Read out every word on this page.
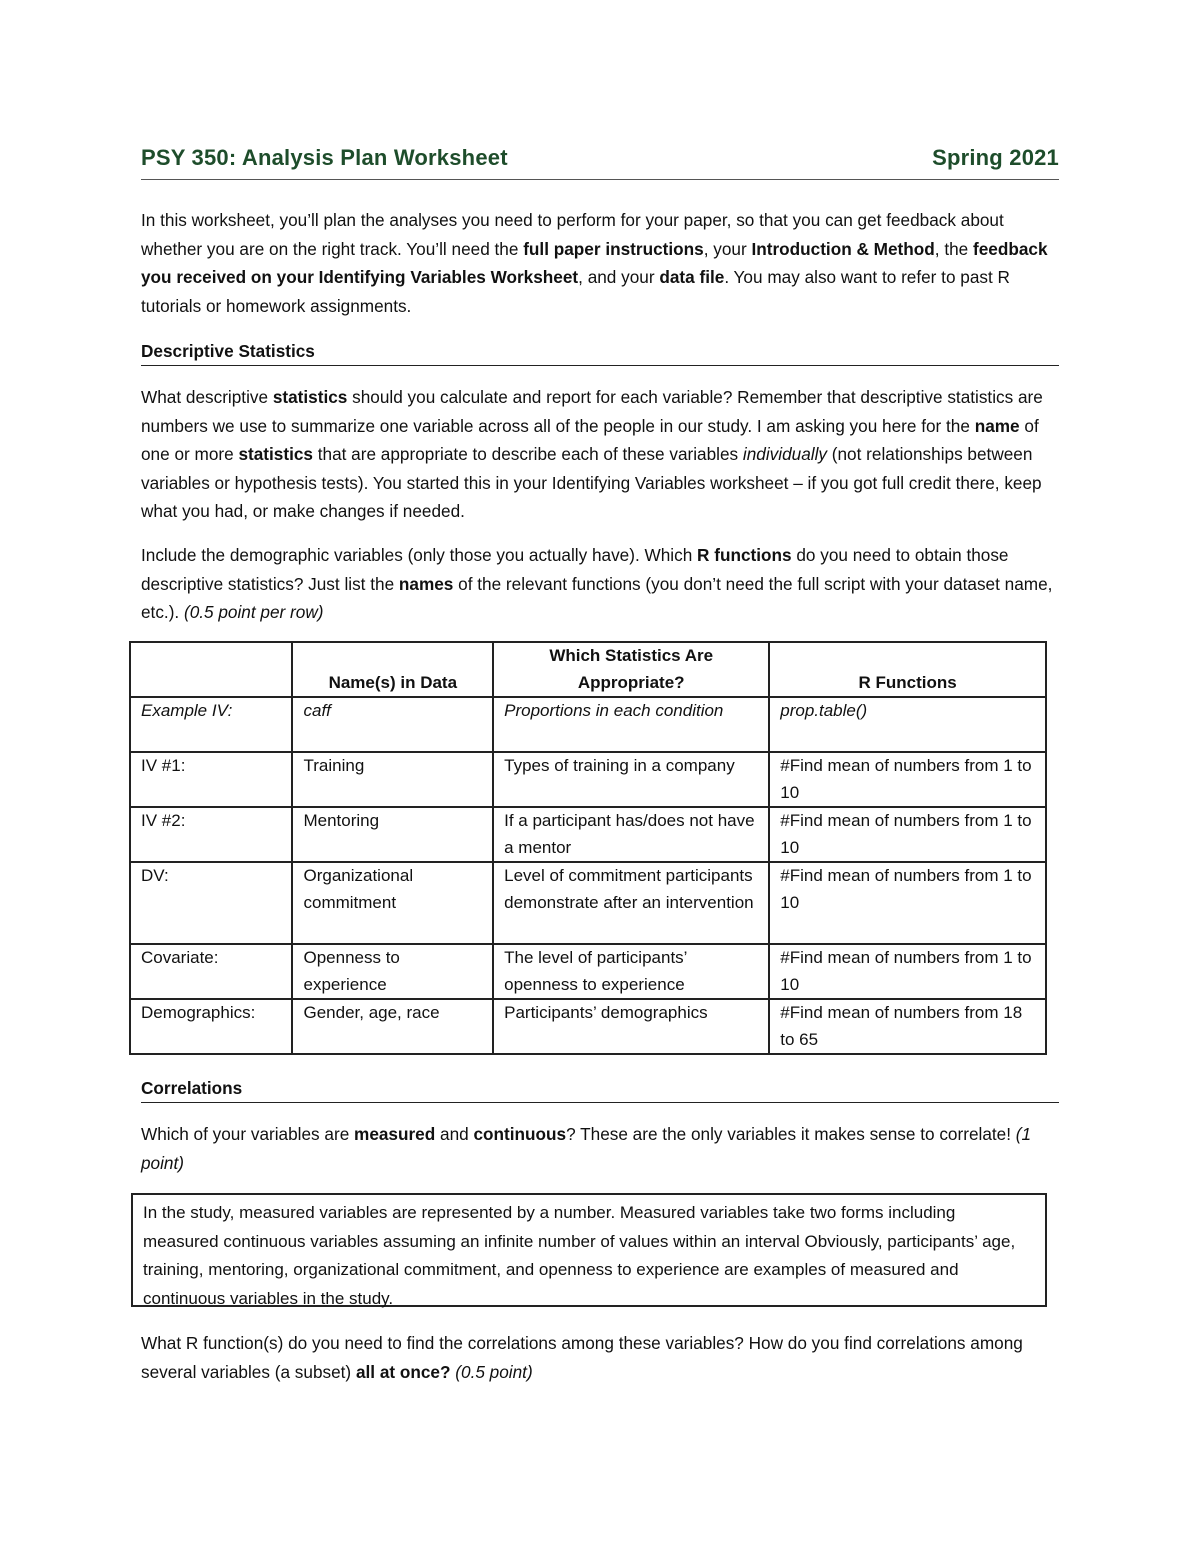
PSY 350: Analysis Plan Worksheet	Spring 2021

In this worksheet, you’ll plan the analyses you need to perform for your paper, so that you can get feedback about whether you are on the right track. You’ll need the full paper instructions, your Introduction & Method, the feedback you received on your Identifying Variables Worksheet, and your data file. You may also want to refer to past R tutorials or homework assignments.

Descriptive Statistics

What descriptive statistics should you calculate and report for each variable? Remember that descriptive statistics are numbers we use to summarize one variable across all of the people in our study. I am asking you here for the name of one or more statistics that are appropriate to describe each of these variables individually (not relationships between variables or hypothesis tests). You started this in your Identifying Variables worksheet – if you got full credit there, keep what you had, or make changes if needed.

Include the demographic variables (only those you actually have). Which R functions do you need to obtain those descriptive statistics? Just list the names of the relevant functions (you don’t need the full script with your dataset name, etc.). (0.5 point per row)

	Name(s) in Data	Which Statistics Are Appropriate?	R Functions
Example IV:	caff	Proportions in each condition	prop.table()
IV #1:	Training	Types of training in a company	#Find mean of numbers from 1 to 10
IV #2:	Mentoring	If a participant has/does not have a mentor	#Find mean of numbers from 1 to 10
DV:	Organizational commitment	Level of commitment participants demonstrate after an intervention	#Find mean of numbers from 1 to 10
Covariate:	Openness to experience	The level of participants’ openness to experience	#Find mean of numbers from 1 to 10
Demographics:	Gender, age, race	Participants’ demographics	#Find mean of numbers from 18 to 65
Correlations

Which of your variables are measured and continuous? These are the only variables it makes sense to correlate! (1 point)

In the study, measured variables are represented by a number. Measured variables take two forms including measured continuous variables assuming an infinite number of values within an interval Obviously, participants’ age, training, mentoring, organizational commitment, and openness to experience are examples of measured and continuous variables in the study.

What R function(s) do you need to find the correlations among these variables? How do you find correlations among several variables (a subset) all at once? (0.5 point)
